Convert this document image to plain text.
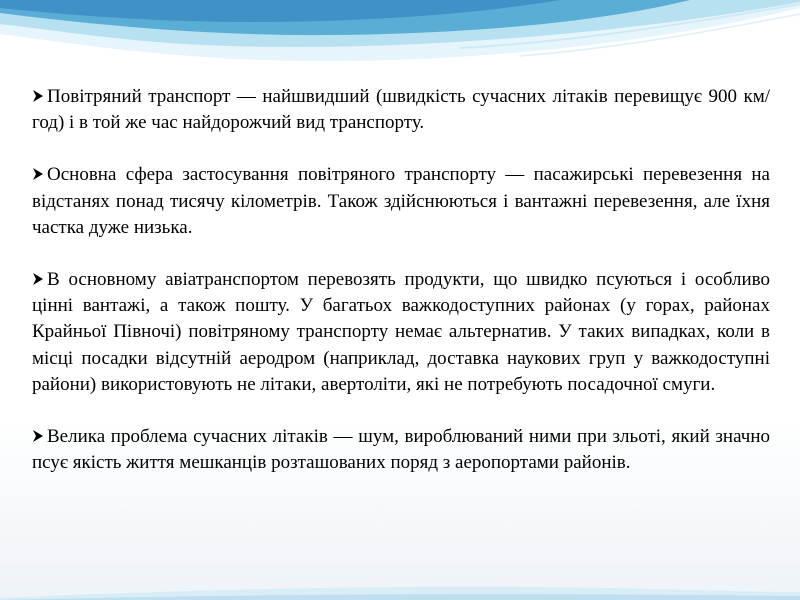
Повітряний транспорт — найшвидший (швидкість сучасних літаків перевищує 900 км/год) і в той же час найдорожчий вид транспорту.

Основна сфера застосування повітряного транспорту — пасажирські перевезення на відстанях понад тисячу кілометрів. Також здійснюються і вантажні перевезення, але їхня частка дуже низька.

В основному авіатранспортом перевозять продукти, що швидко псуються і особливо цінні вантажі, а також пошту. У багатьох важкодоступних районах (у горах, районах Крайньої Півночі) повітряному транспорту немає альтернатив. У таких випадках, коли в місці посадки відсутній аеродром (наприклад, доставка наукових груп у важкодоступні райони) використовують не літаки, авертоліти, які не потребують посадочної смуги.

Велика проблема сучасних літаків — шум, вироблюваний ними при зльоті, який значно псує якість життя мешканців розташованих поряд з аеропортами районів.
